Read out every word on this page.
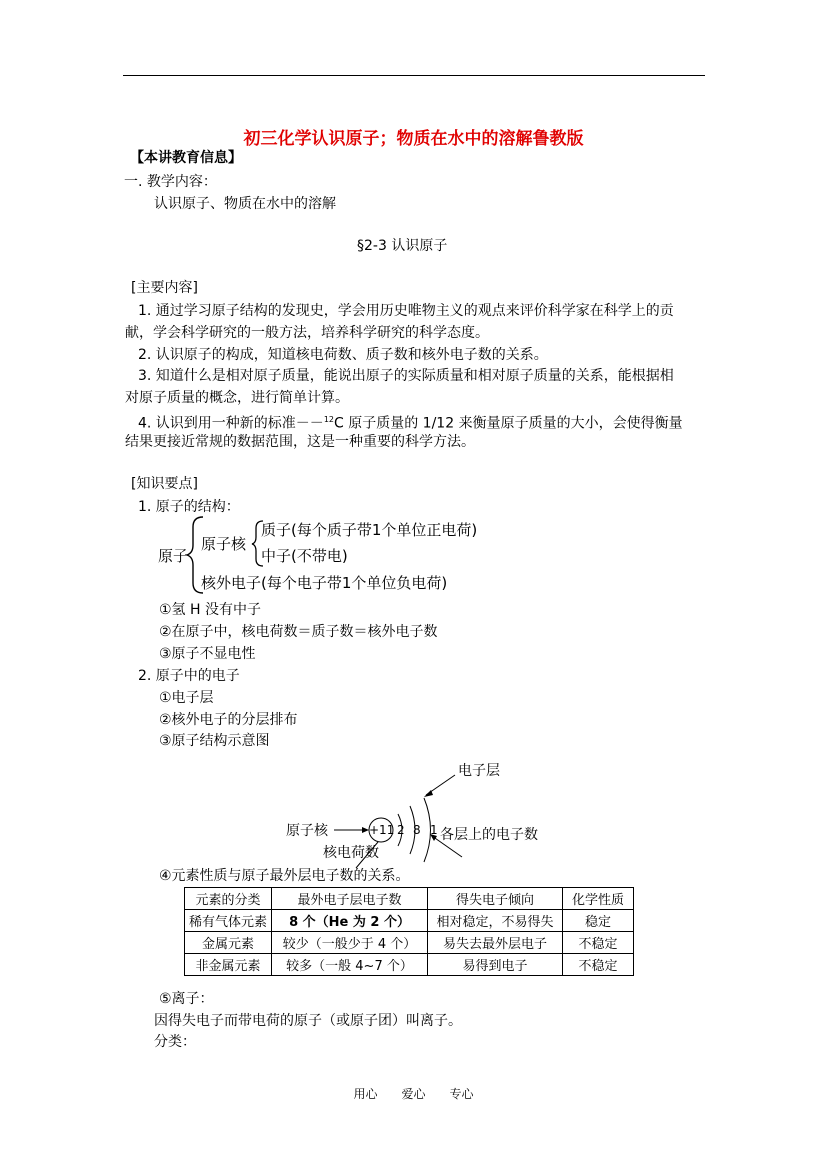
初三化学认识原子；物质在水中的溶解鲁教版
【本讲教育信息】
一. 教学内容：
认识原子、物质在水中的溶解
§2-3 认识原子
[主要内容]
1. 通过学习原子结构的发现史，学会用历史唯物主义的观点来评价科学家在科学上的贡
献，学会科学研究的一般方法，培养科学研究的科学态度。
2. 认识原子的构成，知道核电荷数、质子数和核外电子数的关系。
3. 知道什么是相对原子质量，能说出原子的实际质量和相对原子质量的关系，能根据相
对原子质量的概念，进行简单计算。
4. 认识到用一种新的标准－－$^{12}$C 原子质量的 1/12 来衡量原子质量的大小，会使得衡量
结果更接近常规的数据范围，这是一种重要的科学方法。
[知识要点]
1. 原子的结构：
原子
原子核
质子(每个质子带1个单位正电荷)
中子(不带电)
核外电子(每个电子带1个单位负电荷)
①氢 H 没有中子
②在原子中，核电荷数＝质子数＝核外电子数
③原子不显电性
2. 原子中的电子
①电子层
②核外电子的分层排布
③原子结构示意图
原子核	+11 2 8 1
电子层
核电荷数
各层上的电子数
④元素性质与原子最外层电子数的关系。
元素的分类	最外电子层电子数	得失电子倾向	化学性质
稀有气体元素	8 个（He 为 2 个）	相对稳定，不易得失	稳定
金属元素	较少（一般少于 4 个）	易失去最外层电子	不稳定
非金属元素	较多（一般 4~7 个）	易得到电子	不稳定
⑤离子：
因得失电子而带电荷的原子（或原子团）叫离子。
分类：
用心　　爱心　　专心
